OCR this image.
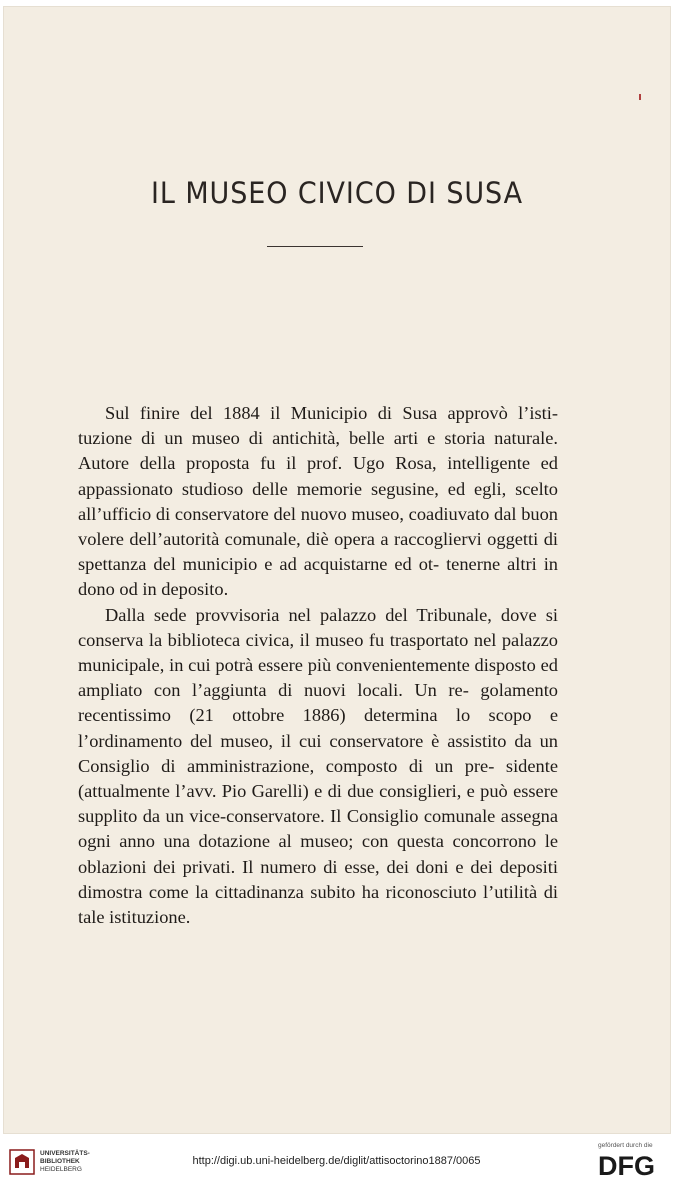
IL MUSEO CIVICO DI SUSA

Sul finire del 1884 il Municipio di Susa approvò l’isti- tuzione di un museo di antichità, belle arti e storia naturale. Autore della proposta fu il prof. Ugo Rosa, intelligente ed appassionato studioso delle memorie segusine, ed egli, scelto all’ufficio di conservatore del nuovo museo, coadiuvato dal buon volere dell’autorità comunale, diè opera a raccogliervi oggetti di spettanza del municipio e ad acquistarne ed ot- tenerne altri in dono od in deposito.

Dalla sede provvisoria nel palazzo del Tribunale, dove si conserva la biblioteca civica, il museo fu trasportato nel palazzo municipale, in cui potrà essere più convenientemente disposto ed ampliato con l’aggiunta di nuovi locali. Un re- golamento recentissimo (21 ottobre 1886) determina lo scopo e l’ordinamento del museo, il cui conservatore è assistito da un Consiglio di amministrazione, composto di un pre- sidente (attualmente l’avv. Pio Garelli) e di due consiglieri, e può essere supplito da un vice-conservatore. Il Consiglio comunale assegna ogni anno una dotazione al museo; con questa concorrono le oblazioni dei privati. Il numero di esse, dei doni e dei depositi dimostra come la cittadinanza subito ha riconosciuto l’utilità di tale istituzione.

UNIVERSITÄTS-
BIBLIOTHEK
HEIDELBERG
http://digi.ub.uni-heidelberg.de/diglit/attisoctorino1887/0065
gefördert durch die
DFG
